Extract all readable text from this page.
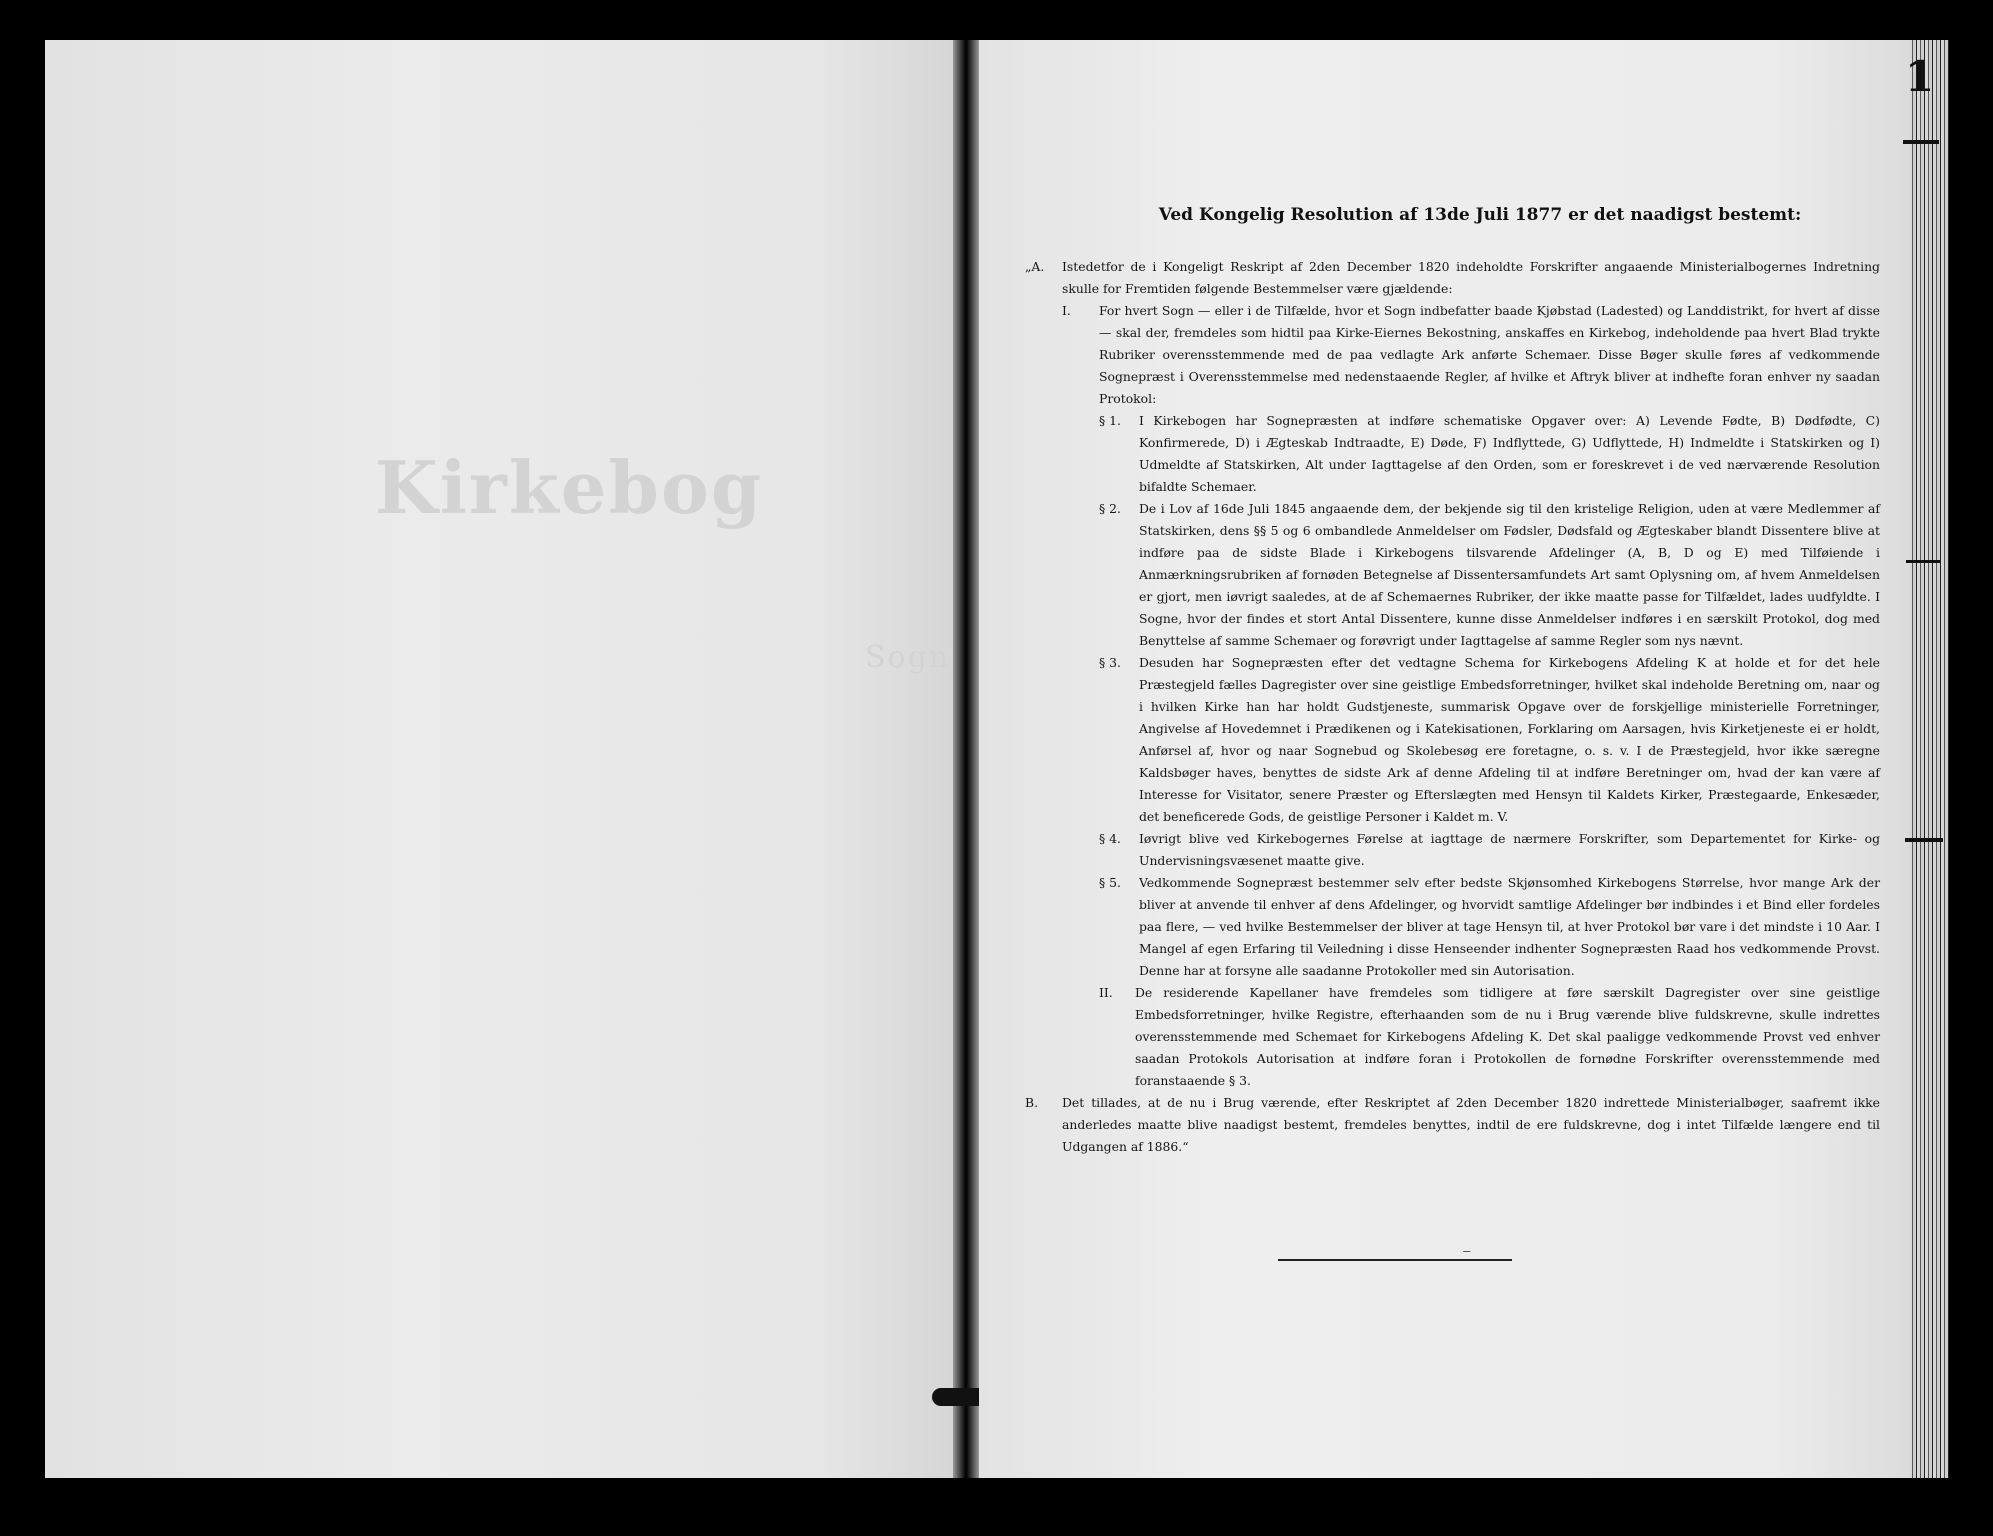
Kirkebog
Sogn
1
Ved Kongelig Resolution af 13de Juli 1877 er det naadigst bestemt:
„A.	Istedetfor de i Kongeligt Reskript af 2den December 1820 indeholdte Forskrifter angaaende Ministerialbogernes Indretning skulle for Fremtiden følgende Bestemmelser være gjældende:
I.	For hvert Sogn — eller i de Tilfælde, hvor et Sogn indbefatter baade Kjøbstad (Ladested) og Landdistrikt, for hvert af disse — skal der, fremdeles som hidtil paa Kirke-Eiernes Bekostning, anskaffes en Kirkebog, indeholdende paa hvert Blad trykte Rubriker overensstemmende med de paa vedlagte Ark anførte Schemaer. Disse Bøger skulle føres af vedkommende Sognepræst i Overensstemmelse med nedenstaaende Regler, af hvilke et Aftryk bliver at indhefte foran enhver ny saadan Protokol:
§ 1.	I Kirkebogen har Sognepræsten at indføre schematiske Opgaver over: A) Levende Fødte, B) Dødfødte, C) Konfirmerede, D) i Ægteskab Indtraadte, E) Døde, F) Indflyttede, G) Udflyttede, H) Indmeldte i Statskirken og I) Udmeldte af Statskirken, Alt under Iagttagelse af den Orden, som er foreskrevet i de ved nærværende Resolution bifaldte Schemaer.
§ 2.	De i Lov af 16de Juli 1845 angaaende dem, der bekjende sig til den kristelige Religion, uden at være Medlemmer af Statskirken, dens §§ 5 og 6 ombandlede Anmeldelser om Fødsler, Dødsfald og Ægteskaber blandt Dissentere blive at indføre paa de sidste Blade i Kirkebogens tilsvarende Afdelinger (A, B, D og E) med Tilføiende i Anmærkningsrubriken af fornøden Betegnelse af Dissentersamfundets Art samt Oplysning om, af hvem Anmeldelsen er gjort, men iøvrigt saaledes, at de af Schemaernes Rubriker, der ikke maatte passe for Tilfældet, lades uudfyldte. I Sogne, hvor der findes et stort Antal Dissentere, kunne disse Anmeldelser indføres i en særskilt Protokol, dog med Benyttelse af samme Schemaer og forøvrigt under Iagttagelse af samme Regler som nys nævnt.
§ 3.	Desuden har Sognepræsten efter det vedtagne Schema for Kirkebogens Afdeling K at holde et for det hele Præstegjeld fælles Dagregister over sine geistlige Embedsforretninger, hvilket skal indeholde Beretning om, naar og i hvilken Kirke han har holdt Gudstjeneste, summarisk Opgave over de forskjellige ministerielle Forretninger, Angivelse af Hovedemnet i Prædikenen og i Katekisationen, Forklaring om Aarsagen, hvis Kirketjeneste ei er holdt, Anførsel af, hvor og naar Sognebud og Skolebesøg ere foretagne, o. s. v. I de Præstegjeld, hvor ikke særegne Kaldsbøger haves, benyttes de sidste Ark af denne Afdeling til at indføre Beretninger om, hvad der kan være af Interesse for Visitator, senere Præster og Efterslægten med Hensyn til Kaldets Kirker, Præstegaarde, Enkesæder, det beneficerede Gods, de geistlige Personer i Kaldet m. V.
§ 4.	Iøvrigt blive ved Kirkebogernes Førelse at iagttage de nærmere Forskrifter, som Departementet for Kirke- og Undervisningsvæsenet maatte give.
§ 5.	Vedkommende Sognepræst bestemmer selv efter bedste Skjønsomhed Kirkebogens Størrelse, hvor mange Ark der bliver at anvende til enhver af dens Afdelinger, og hvorvidt samtlige Afdelinger bør indbindes i et Bind eller fordeles paa flere, — ved hvilke Bestemmelser der bliver at tage Hensyn til, at hver Protokol bør vare i det mindste i 10 Aar. I Mangel af egen Erfaring til Veiledning i disse Henseender indhenter Sognepræsten Raad hos vedkommende Provst. Denne har at forsyne alle saadanne Protokoller med sin Autorisation.
II.	De residerende Kapellaner have fremdeles som tidligere at føre særskilt Dagregister over sine geistlige Embedsforretninger, hvilke Registre, efterhaanden som de nu i Brug værende blive fuldskrevne, skulle indrettes overensstemmende med Schemaet for Kirkebogens Afdeling K. Det skal paaligge vedkommende Provst ved enhver saadan Protokols Autorisation at indføre foran i Protokollen de fornødne Forskrifter overensstemmende med foranstaaende § 3.
B.	Det tillades, at de nu i Brug værende, efter Reskriptet af 2den December 1820 indrettede Ministerialbøger, saafremt ikke anderledes maatte blive naadigst bestemt, fremdeles benyttes, indtil de ere fuldskrevne, dog i intet Tilfælde længere end til Udgangen af 1886.“
⁻
